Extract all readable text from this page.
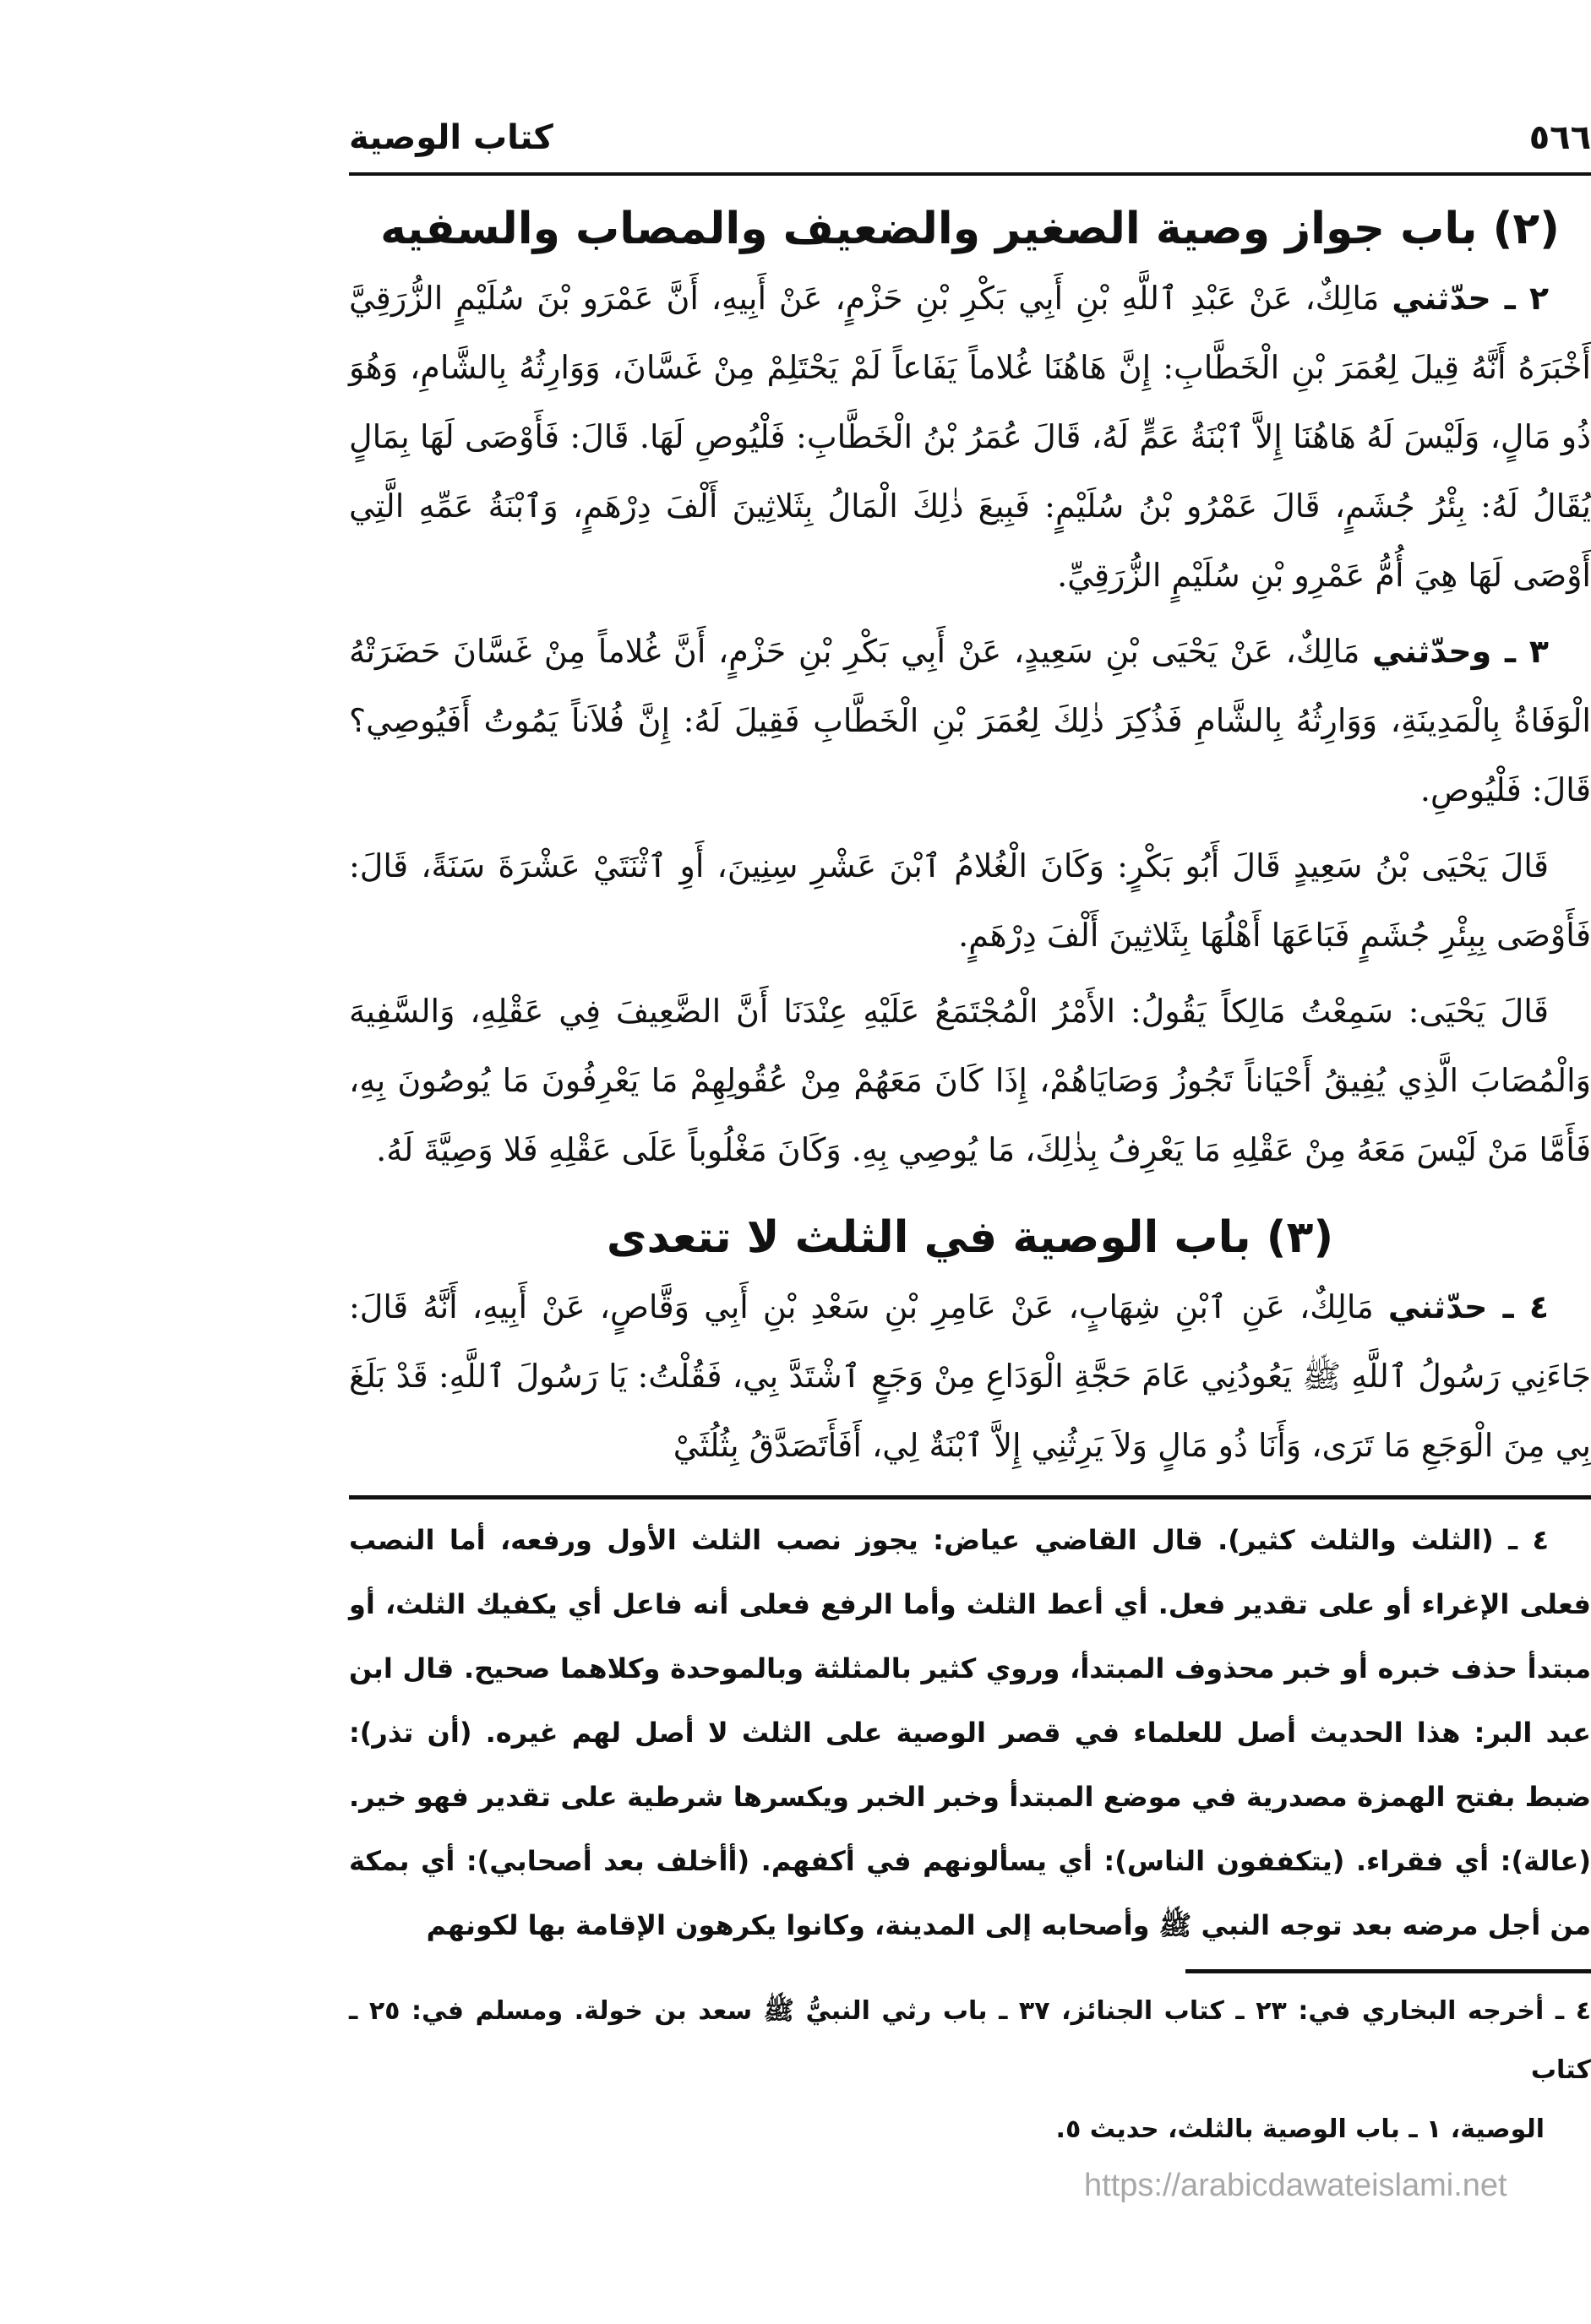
٥٦٦
كتاب الوصية
(٢) باب جواز وصية الصغير والضعيف والمصاب والسفيه

٢ ـ حدّثني مَالِكٌ، عَنْ عَبْدِ ٱللَّهِ بْنِ أَبِي بَكْرِ بْنِ حَزْمٍ، عَنْ أَبِيهِ، أَنَّ عَمْرَو بْنَ سُلَيْمٍ الزُّرَقِيَّ أَخْبَرَهُ أَنَّهُ قِيلَ لِعُمَرَ بْنِ الْخَطَّابِ: إِنَّ هَاهُنَا غُلاماً يَفَاعاً لَمْ يَحْتَلِمْ مِنْ غَسَّانَ، وَوَارِثُهُ بِالشَّامِ، وَهُوَ ذُو مَالٍ، وَلَيْسَ لَهُ هَاهُنَا إِلاَّ ٱبْنَةُ عَمٍّ لَهُ، قَالَ عُمَرُ بْنُ الْخَطَّابِ: فَلْيُوصِ لَهَا. قَالَ: فَأَوْصَى لَهَا بِمَالٍ يُقَالُ لَهُ: بِئْرُ جُشَمٍ، قَالَ عَمْرُو بْنُ سُلَيْمٍ: فَبِيعَ ذٰلِكَ الْمَالُ بِثَلاثِينَ أَلْفَ دِرْهَمٍ، وَٱبْنَةُ عَمِّهِ الَّتِي أَوْصَى لَهَا هِيَ أُمُّ عَمْرِو بْنِ سُلَيْمٍ الزُّرَقِيِّ.

٣ ـ وحدّثني مَالِكٌ، عَنْ يَحْيَى بْنِ سَعِيدٍ، عَنْ أَبِي بَكْرِ بْنِ حَزْمٍ، أَنَّ غُلاماً مِنْ غَسَّانَ حَضَرَتْهُ الْوَفَاةُ بِالْمَدِينَةِ، وَوَارِثُهُ بِالشَّامِ فَذُكِرَ ذٰلِكَ لِعُمَرَ بْنِ الْخَطَّابِ فَقِيلَ لَهُ: إِنَّ فُلاَناً يَمُوتُ أَفَيُوصِي؟ قَالَ: فَلْيُوصِ.

قَالَ يَحْيَى بْنُ سَعِيدٍ قَالَ أَبُو بَكْرٍ: وَكَانَ الْغُلامُ ٱبْنَ عَشْرِ سِنِينَ، أَوِ ٱثْنَتَيْ عَشْرَةَ سَنَةً، قَالَ: فَأَوْصَى بِبِئْرِ جُشَمٍ فَبَاعَهَا أَهْلُهَا بِثَلاثِينَ أَلْفَ دِرْهَمٍ.

قَالَ يَحْيَى: سَمِعْتُ مَالِكاً يَقُولُ: الأَمْرُ الْمُجْتَمَعُ عَلَيْهِ عِنْدَنَا أَنَّ الضَّعِيفَ فِي عَقْلِهِ، وَالسَّفِيهَ وَالْمُصَابَ الَّذِي يُفِيقُ أَحْيَاناً تَجُوزُ وَصَايَاهُمْ، إِذَا كَانَ مَعَهُمْ مِنْ عُقُولِهِمْ مَا يَعْرِفُونَ مَا يُوصُونَ بِهِ، فَأَمَّا مَنْ لَيْسَ مَعَهُ مِنْ عَقْلِهِ مَا يَعْرِفُ بِذٰلِكَ، مَا يُوصِي بِهِ. وَكَانَ مَغْلُوباً عَلَى عَقْلِهِ فَلا وَصِيَّةَ لَهُ.

(٣) باب الوصية في الثلث لا تتعدى

٤ ـ حدّثني مَالِكٌ، عَنِ ٱبْنِ شِهَابٍ، عَنْ عَامِرِ بْنِ سَعْدِ بْنِ أَبِي وَقَّاصٍ، عَنْ أَبِيهِ، أَنَّهُ قَالَ: جَاءَنِي رَسُولُ ٱللَّهِ ﷺ يَعُودُنِي عَامَ حَجَّةِ الْوَدَاعِ مِنْ وَجَعٍ ٱشْتَدَّ بِي، فَقُلْتُ: يَا رَسُولَ ٱللَّهِ: قَدْ بَلَغَ بِي مِنَ الْوَجَعِ مَا تَرَى، وَأَنَا ذُو مَالٍ وَلاَ يَرِثُنِي إِلاَّ ٱبْنَةٌ لِي، أَفَأَتَصَدَّقُ بِثُلُثَيْ

٤ ـ (الثلث والثلث كثير). قال القاضي عياض: يجوز نصب الثلث الأول ورفعه، أما النصب فعلى الإغراء أو على تقدير فعل. أي أعط الثلث وأما الرفع فعلى أنه فاعل أي يكفيك الثلث، أو مبتدأ حذف خبره أو خبر محذوف المبتدأ، وروي كثير بالمثلثة وبالموحدة وكلاهما صحيح. قال ابن عبد البر: هذا الحديث أصل للعلماء في قصر الوصية على الثلث لا أصل لهم غيره. (أن تذر): ضبط بفتح الهمزة مصدرية في موضع المبتدأ وخبر الخبر ويكسرها شرطية على تقدير فهو خير. (عالة): أي فقراء. (يتكففون الناس): أي يسألونهم في أكفهم. (أأخلف بعد أصحابي): أي بمكة من أجل مرضه بعد توجه النبي ﷺ وأصحابه إلى المدينة، وكانوا يكرهون الإقامة بها لكونهم

٤ ـ أخرجه البخاري في: ٢٣ ـ كتاب الجنائز، ٣٧ ـ باب رثي النبيُّ ﷺ سعد بن خولة. ومسلم في: ٢٥ ـ كتاب

الوصية، ١ ـ باب الوصية بالثلث، حديث ٥.

https://arabicdawateislami.net
